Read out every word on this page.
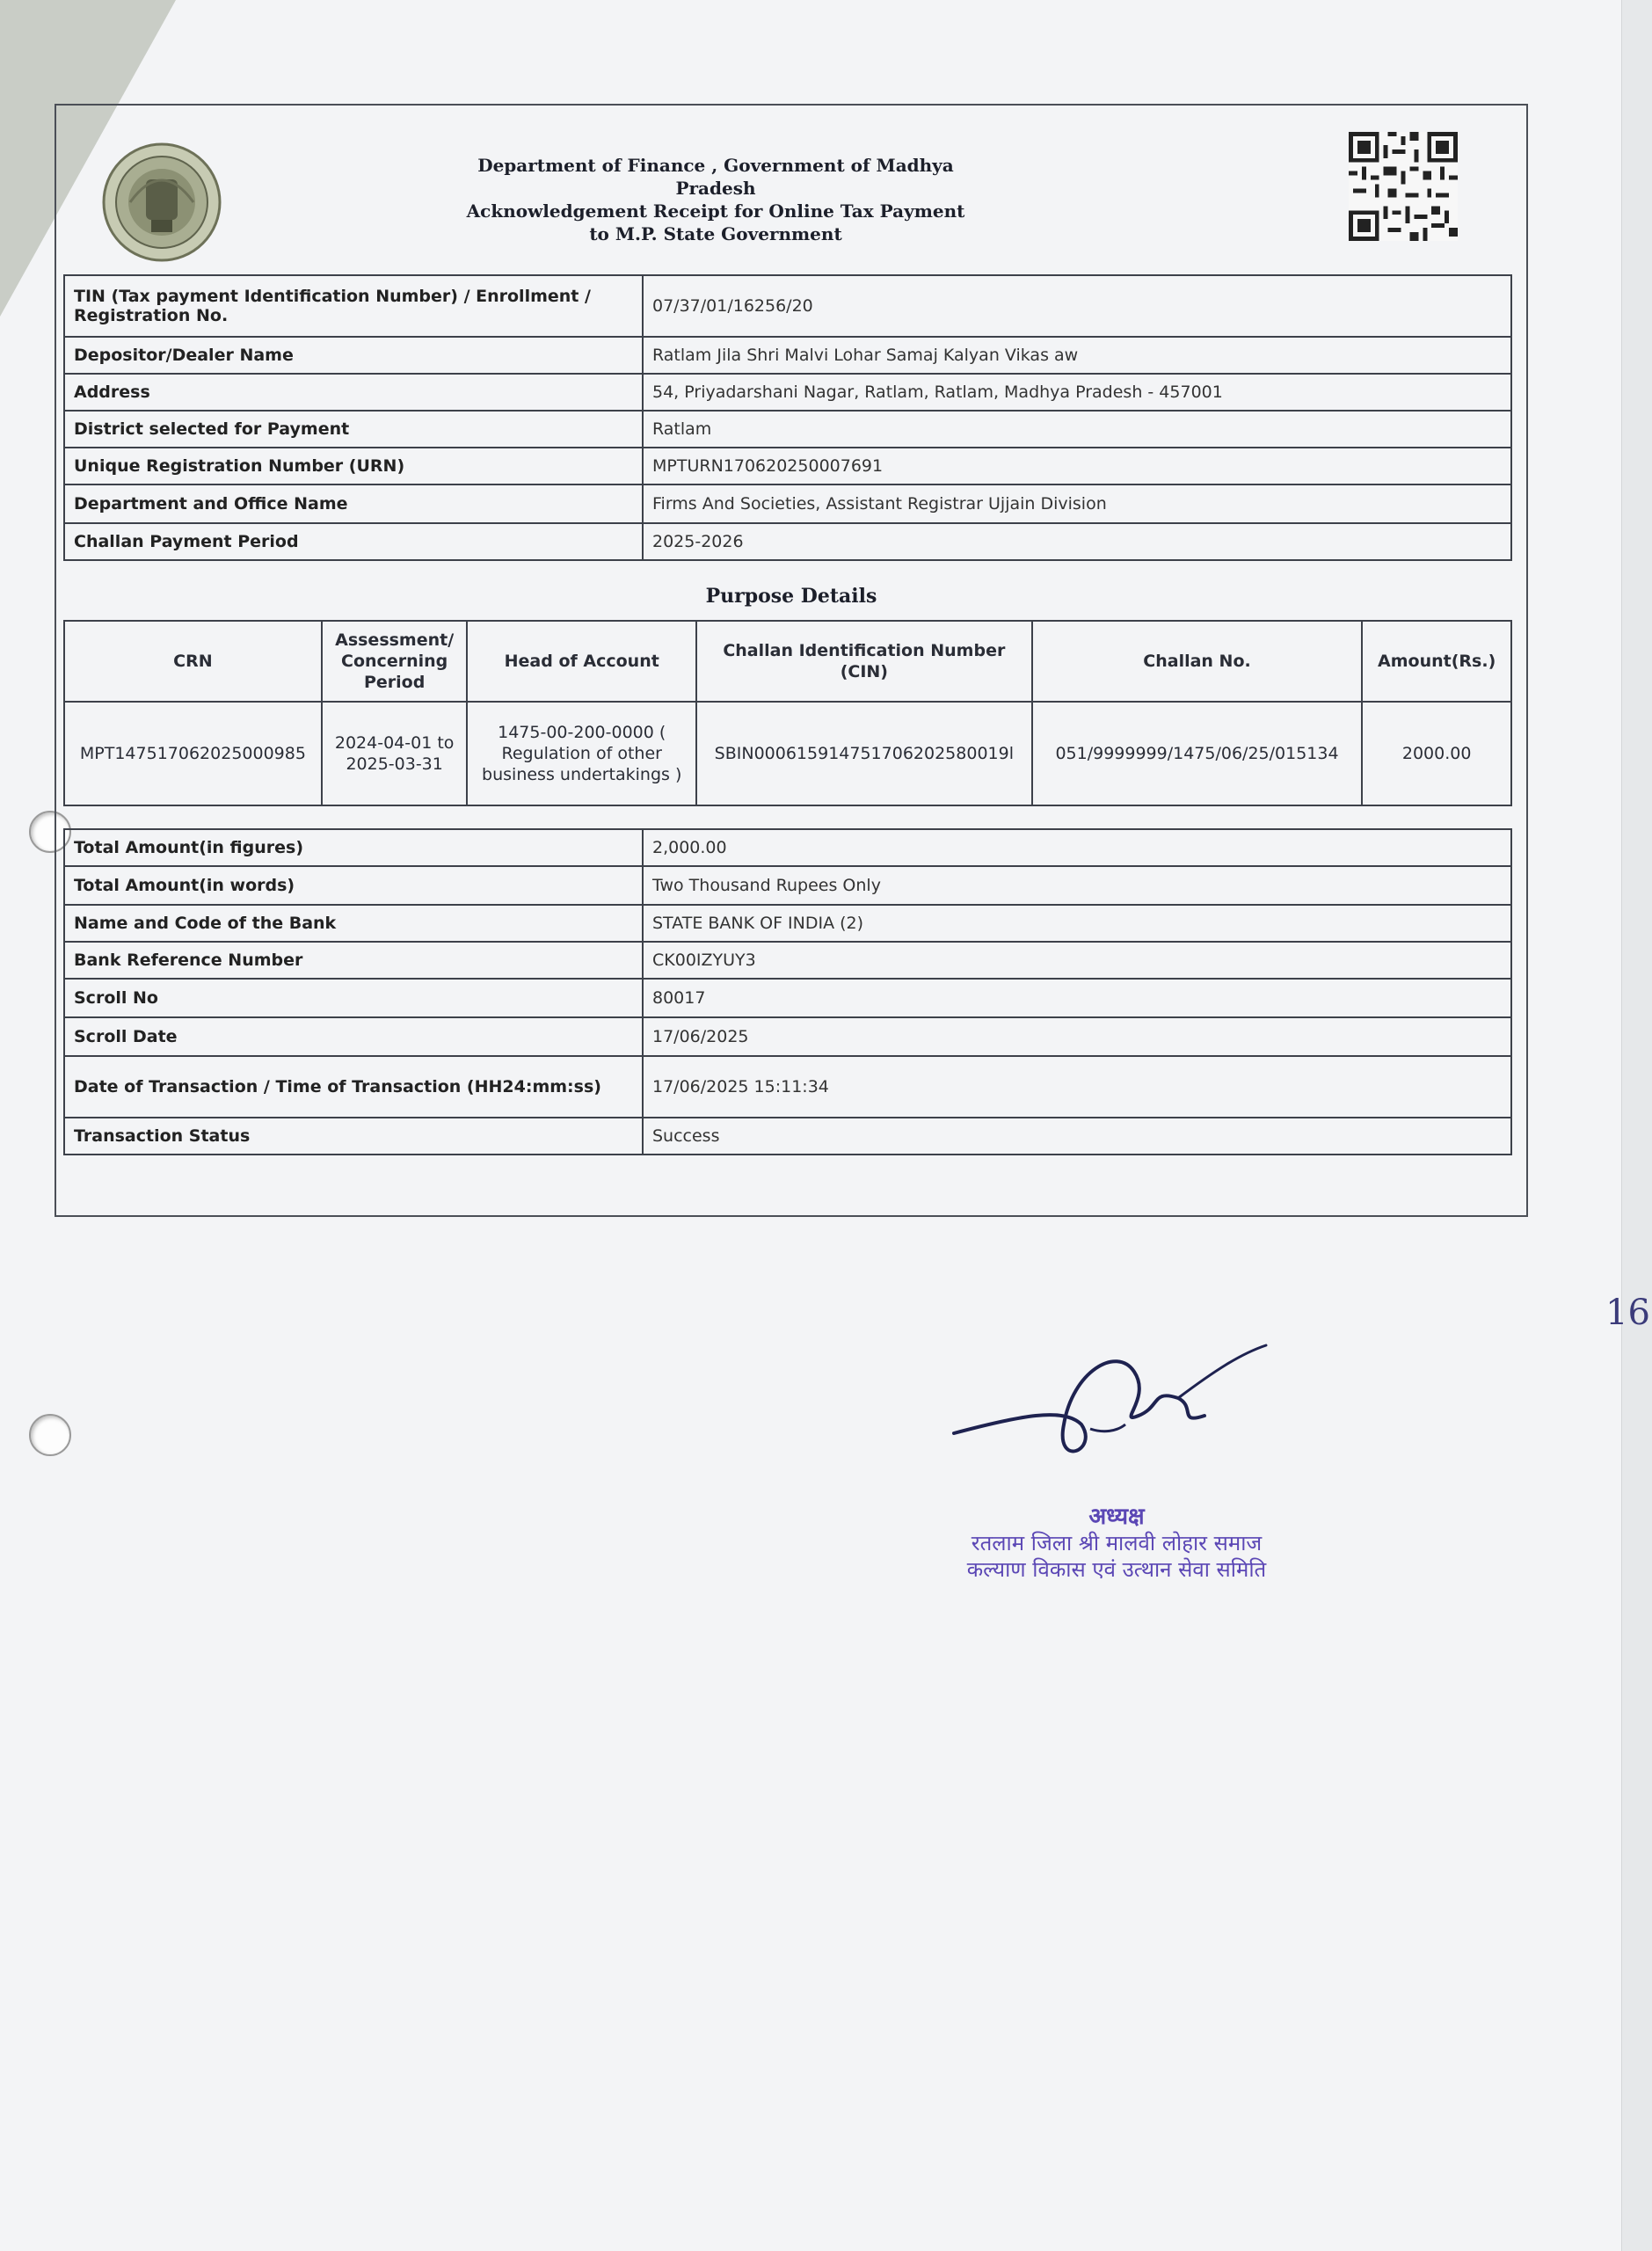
Department of Finance , Government of Madhya Pradesh
Acknowledgement Receipt for Online Tax Payment
to M.P. State Government
TIN (Tax payment Identification Number) / Enrollment / Registration No.	07/37/01/16256/20
Depositor/Dealer Name	Ratlam Jila Shri Malvi Lohar Samaj Kalyan Vikas aw
Address	54, Priyadarshani Nagar, Ratlam, Ratlam, Madhya Pradesh - 457001
District selected for Payment	Ratlam
Unique Registration Number (URN)	MPTURN170620250007691
Department and Office Name	Firms And Societies, Assistant Registrar Ujjain Division
Challan Payment Period	2025-2026
Purpose Details
CRN	Assessment/ Concerning Period	Head of Account	Challan Identification Number (CIN)	Challan No.	Amount(Rs.)
MPT147517062025000985	2024-04-01 to 2025-03-31	1475-00-200-0000 ( Regulation of other business undertakings )	SBIN000615914751706202580019l	051/9999999/1475/06/25/015134	2000.00
Total Amount(in figures)	2,000.00
Total Amount(in words)	Two Thousand Rupees Only
Name and Code of the Bank	STATE BANK OF INDIA (2)
Bank Reference Number	CK00IZYUY3
Scroll No	80017
Scroll Date	17/06/2025
Date of Transaction / Time of Transaction (HH24:mm:ss)	17/06/2025 15:11:34
Transaction Status	Success
अध्यक्ष
रतलाम जिला श्री मालवी लोहार समाज
कल्याण विकास एवं उत्थान सेवा समिति
16
